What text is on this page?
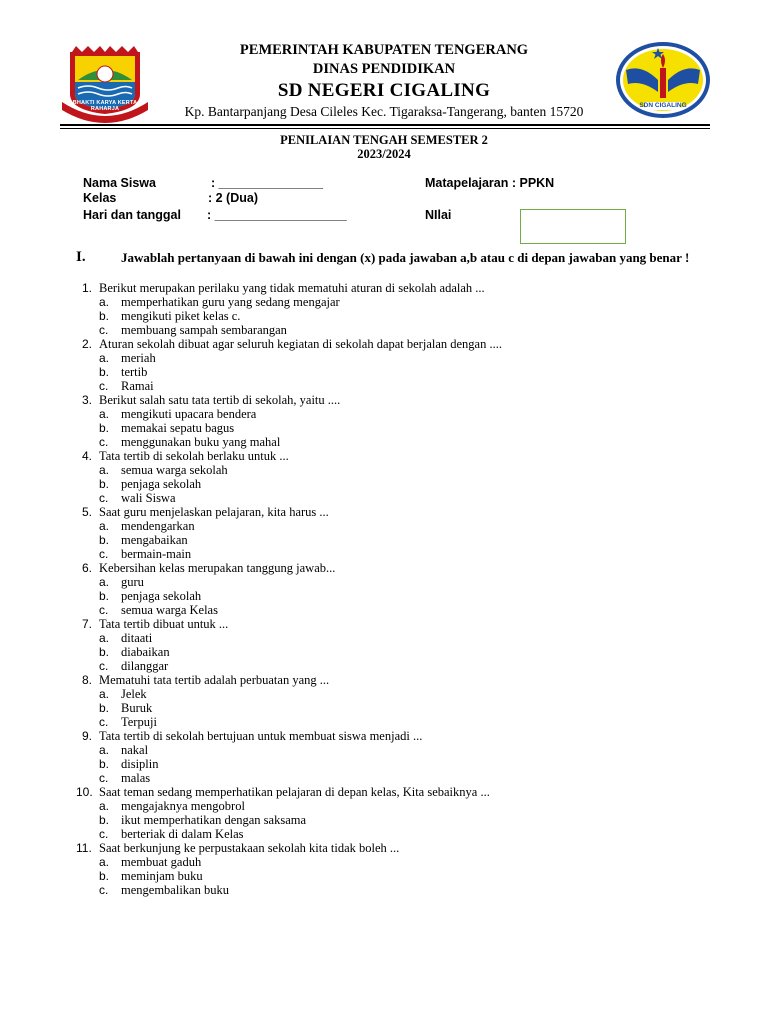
BHAKTI KARYA KERTA RAHARJA
PEMERINTAH KABUPATEN TENGERANG
DINAS PENDIDIKAN
SD NEGERI CIGALING
Kp. Bantarpanjang Desa Cileles Kec. Tigaraksa-Tangerang, banten 15720	SDN CIGALING
PENILAIAN TENGAH SEMESTER 2
2023/2024
Nama Siswa	: _______________	Matapelajaran : PPKN
Kelas	: 2 (Dua)
Hari dan tanggal : ___________________	NIlai
I.	Jawablah pertanyaan di bawah ini dengan (x) pada jawaban a,b atau c di depan jawaban yang benar !
1. Berikut merupakan perilaku yang tidak mematuhi aturan di sekolah adalah ...
a. memperhatikan guru yang sedang mengajar
b. mengikuti piket kelas c.
c. membuang sampah sembarangan
2. Aturan sekolah dibuat agar seluruh kegiatan di sekolah dapat berjalan dengan ....
a. meriah
b. tertib
c. Ramai
3. Berikut salah satu tata tertib di sekolah, yaitu ....
a. mengikuti upacara bendera
b. memakai sepatu bagus
c. menggunakan buku yang mahal
4. Tata tertib di sekolah berlaku untuk ...
a. semua warga sekolah
b. penjaga sekolah
c. wali Siswa
5. Saat guru menjelaskan pelajaran, kita harus ...
a. mendengarkan
b. mengabaikan
c. bermain-main
6. Kebersihan kelas merupakan tanggung jawab...
a. guru
b. penjaga sekolah
c. semua warga Kelas
7. Tata tertib dibuat untuk ...
a. ditaati
b. diabaikan
c. dilanggar
8. Mematuhi tata tertib adalah perbuatan yang ...
a. Jelek
b. Buruk
c. Terpuji
9. Tata tertib di sekolah bertujuan untuk membuat siswa menjadi ...
a. nakal
b. disiplin
c. malas
10. Saat teman sedang memperhatikan pelajaran di depan kelas, Kita sebaiknya ...
a. mengajaknya mengobrol
b. ikut memperhatikan dengan saksama
c. berteriak di dalam Kelas
11. Saat berkunjung ke perpustakaan sekolah kita tidak boleh ...
a. membuat gaduh
b. meminjam buku
c. mengembalikan buku
